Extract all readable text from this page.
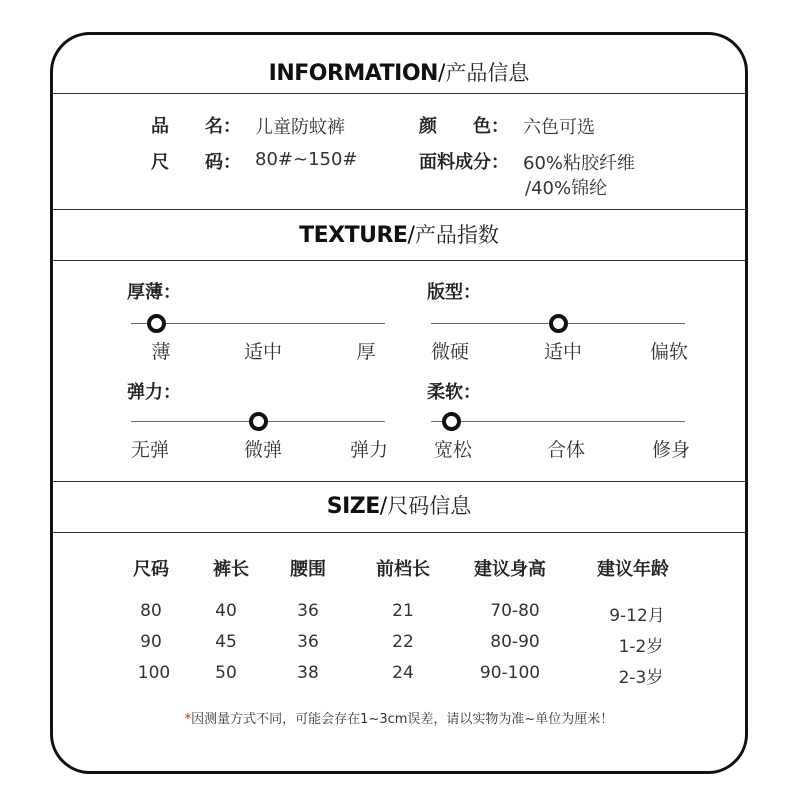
INFORMATION/产品信息
品　　名： 儿童防蚊裤	颜　　色： 六色可选
尺　　码： 80#~150#	面料成分： 60%粘胶纤维
/40%锦纶
TEXTURE/产品指数
厚薄：
薄	适中	厚
版型：
微硬	适中	偏软
弹力：
无弹	微弹	弹力
柔软：
宽松	合体	修身
SIZE/尺码信息
尺码 裤长 腰围	前档长 建议身高	建议年龄
80	40	36	21	70-80	9-12月
90	45	36	22	80-90	1-2岁
100	50	38	24	90-100	2-3岁
*因测量方式不同，可能会存在1~3cm误差，请以实物为准~单位为厘米！
